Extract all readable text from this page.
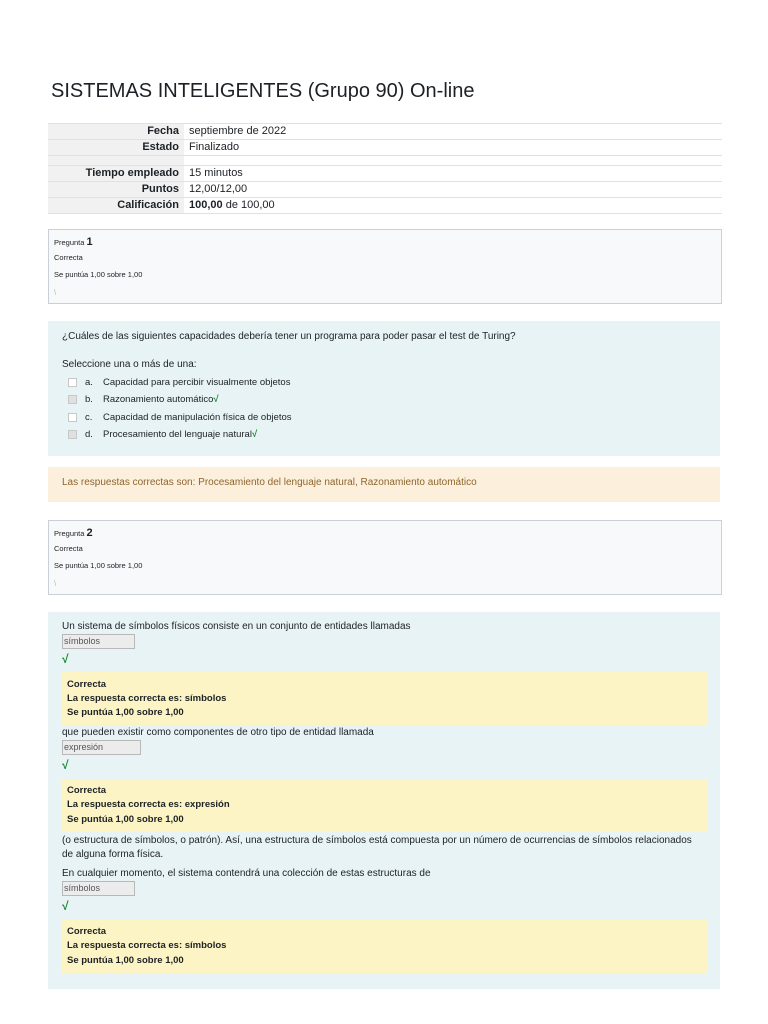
SISTEMAS INTELIGENTES (Grupo 90) On-line
Fecha	septiembre de 2022
Estado	Finalizado

Tiempo empleado	15 minutos
Puntos	12,00/12,00
Calificación	100,00 de 100,00
Pregunta 1
Correcta
Se puntúa 1,00 sobre 1,00
\
¿Cuáles de las siguientes capacidades debería tener un programa para poder pasar el test de Turing?
Seleccione una o más de una:
a. Capacidad para percibir visualmente objetos
b. Razonamiento automático√
c. Capacidad de manipulación física de objetos
d. Procesamiento del lenguaje natural√
Las respuestas correctas son: Procesamiento del lenguaje natural, Razonamiento automático
Pregunta 2
Correcta
Se puntúa 1,00 sobre 1,00
\
Un sistema de símbolos físicos consiste en un conjunto de entidades llamadas
símbolos
√
Correcta
La respuesta correcta es: símbolos
Se puntúa 1,00 sobre 1,00
que pueden existir como componentes de otro tipo de entidad llamada
expresión
√
Correcta
La respuesta correcta es: expresión
Se puntúa 1,00 sobre 1,00
(o estructura de símbolos, o patrón). Así, una estructura de símbolos está compuesta por un número de ocurrencias de símbolos relacionados de alguna forma física.
En cualquier momento, el sistema contendrá una colección de estas estructuras de
símbolos
√
Correcta
La respuesta correcta es: símbolos
Se puntúa 1,00 sobre 1,00
